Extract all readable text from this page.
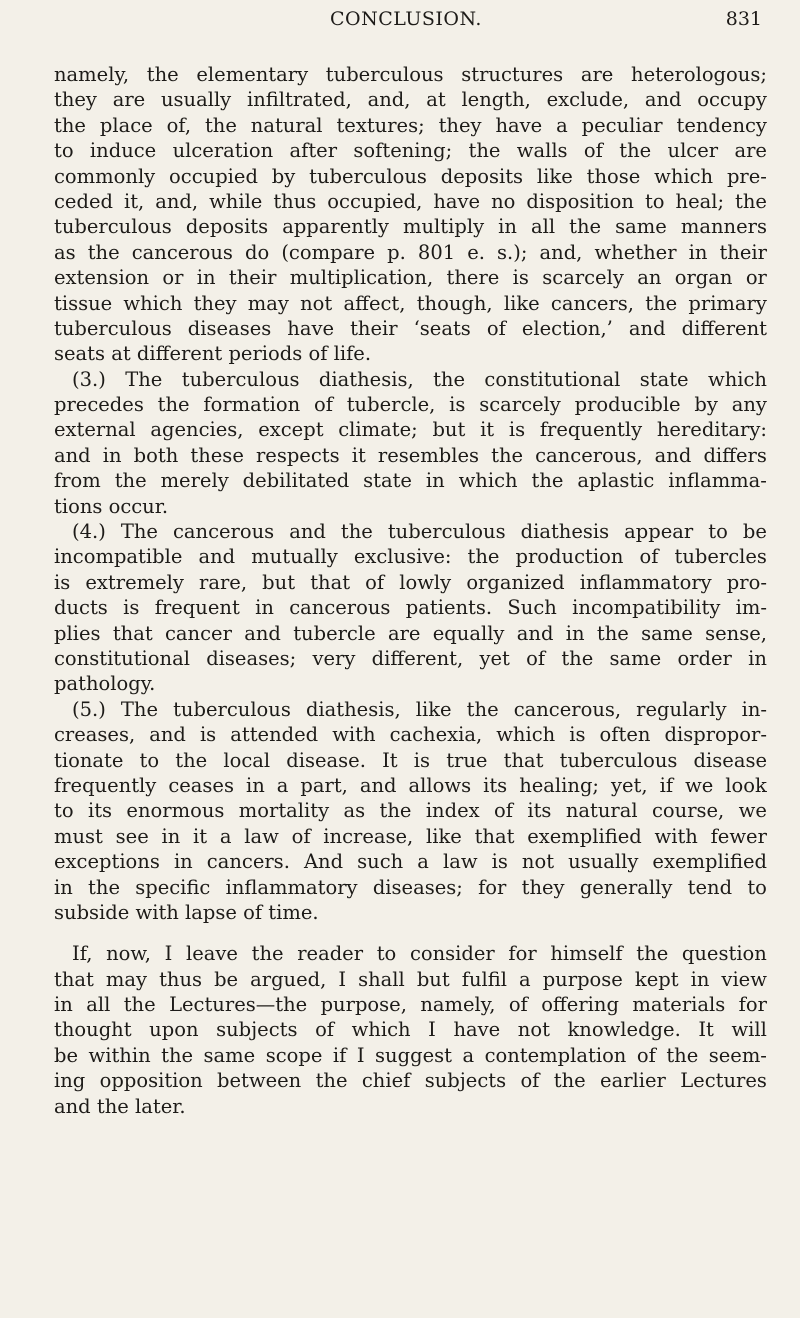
CONCLUSION.	831
namely, the elementary tuberculous structures are heterologous;
they are usually infiltrated, and, at length, exclude, and occupy
the place of, the natural textures; they have a peculiar tendency
to induce ulceration after softening; the walls of the ulcer are
commonly occupied by tuberculous deposits like those which pre-
ceded it, and, while thus occupied, have no disposition to heal; the
tuberculous deposits apparently multiply in all the same manners
as the cancerous do (compare p. 801 e. s.); and, whether in their
extension or in their multiplication, there is scarcely an organ or
tissue which they may not affect, though, like cancers, the primary
tuberculous diseases have their ‘seats of election,’ and different
seats at different periods of life.
(3.) The tuberculous diathesis, the constitutional state which
precedes the formation of tubercle, is scarcely producible by any
external agencies, except climate; but it is frequently hereditary:
and in both these respects it resembles the cancerous, and differs
from the merely debilitated state in which the aplastic inflamma-
tions occur.
(4.) The cancerous and the tuberculous diathesis appear to be
incompatible and mutually exclusive: the production of tubercles
is extremely rare, but that of lowly organized inflammatory pro-
ducts is frequent in cancerous patients. Such incompatibility im-
plies that cancer and tubercle are equally and in the same sense,
constitutional diseases; very different, yet of the same order in
pathology.
(5.) The tuberculous diathesis, like the cancerous, regularly in-
creases, and is attended with cachexia, which is often dispropor-
tionate to the local disease. It is true that tuberculous disease
frequently ceases in a part, and allows its healing; yet, if we look
to its enormous mortality as the index of its natural course, we
must see in it a law of increase, like that exemplified with fewer
exceptions in cancers. And such a law is not usually exemplified
in the specific inflammatory diseases; for they generally tend to
subside with lapse of time.
If, now, I leave the reader to consider for himself the question
that may thus be argued, I shall but fulfil a purpose kept in view
in all the Lectures—the purpose, namely, of offering materials for
thought upon subjects of which I have not knowledge. It will
be within the same scope if I suggest a contemplation of the seem-
ing opposition between the chief subjects of the earlier Lectures
and the later.
